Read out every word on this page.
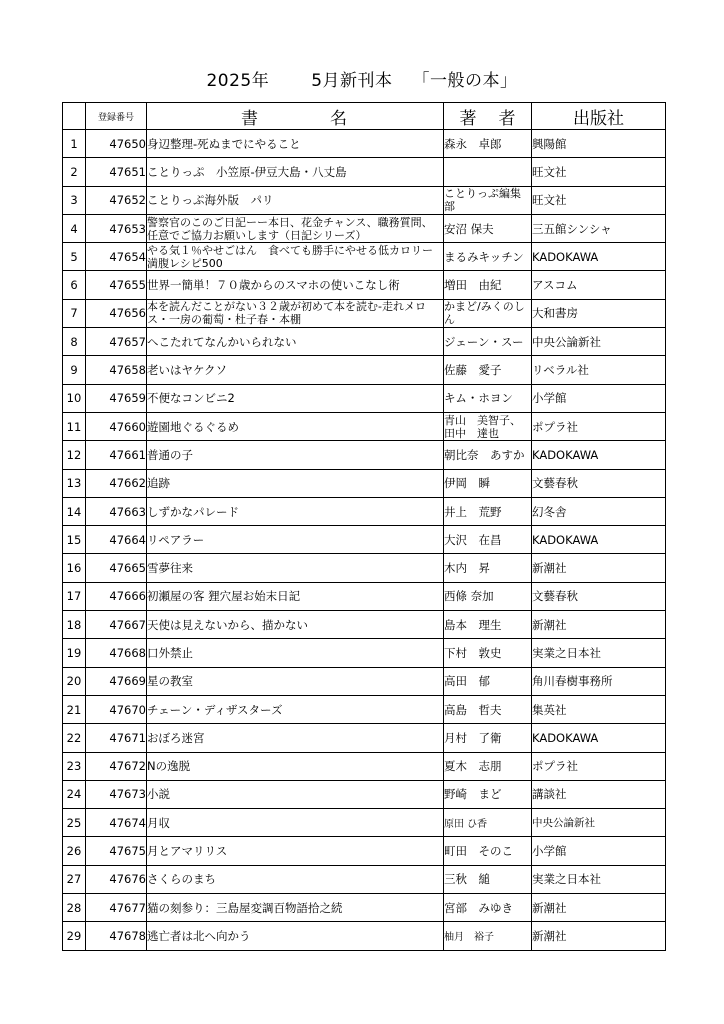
2025年 5月新刊本 「一般の本」
	登録番号	書 名	著 者	出版社
1	47650	身辺整理-死ぬまでにやること	森永　卓郎	興陽館
2	47651	ことりっぷ　小笠原-伊豆大島・八丈島		旺文社
3	47652	ことりっぷ海外版　パリ	ことりっぷ編集部	旺文社
4	47653	警察官のこのご日記ーー本日、花金チャンス、職務質問、任意でご協力お願いします（日記シリーズ）	安沼 保夫	三五館シンシャ
5	47654	やる気１％やせごはん　食べても勝手にやせる低カロリー満腹レシピ500	まるみキッチン	KADOKAWA
6	47655	世界一簡単！７０歳からのスマホの使いこなし術	増田　由紀	アスコム
7	47656	本を読んだことがない３２歳が初めて本を読む-走れメロス・一房の葡萄・杜子春・本棚	かまど/みくのしん	大和書房
8	47657	へこたれてなんかいられない	ジェーン・スー	中央公論新社
9	47658	老いはヤケクソ	佐藤　愛子	リベラル社
10	47659	不便なコンビニ2	キム・ホヨン	小学館
11	47660	遊園地ぐるぐるめ	青山　美智子、田中　達也	ポプラ社
12	47661	普通の子	朝比奈　あすか	KADOKAWA
13	47662	追跡	伊岡　瞬	文藝春秋
14	47663	しずかなパレード	井上　荒野	幻冬舎
15	47664	リペアラー	大沢　在昌	KADOKAWA
16	47665	雪夢往来	木内　昇	新潮社
17	47666	初瀬屋の客 狸穴屋お始末日記	西條 奈加	文藝春秋
18	47667	天使は見えないから、描かない	島本　理生	新潮社
19	47668	口外禁止	下村　敦史	実業之日本社
20	47669	星の教室	高田　郁	角川春樹事務所
21	47670	チェーン・ディザスターズ	高島　哲夫	集英社
22	47671	おぼろ迷宮	月村　了衛	KADOKAWA
23	47672	Nの逸脱	夏木　志朋	ポプラ社
24	47673	小説	野崎　まど	講談社
25	47674	月収	原田 ひ香	中央公論新社
26	47675	月とアマリリス	町田　そのこ	小学館
27	47676	さくらのまち	三秋　縋	実業之日本社
28	47677	猫の刻参り：三島屋変調百物語拾之続	宮部　みゆき	新潮社
29	47678	逃亡者は北へ向かう	柚月　裕子	新潮社
